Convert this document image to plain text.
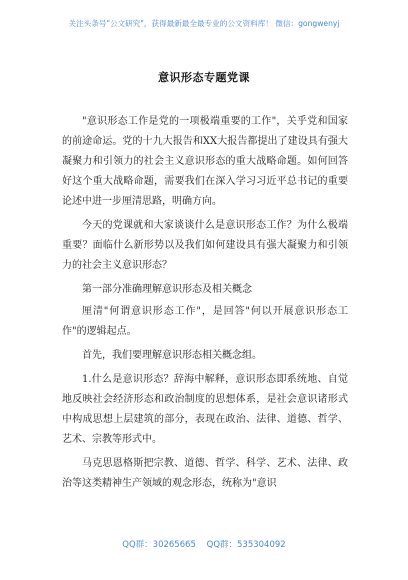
关注头条号"公文研究"，获得最新最全最专业的公文资料库！ 微信：gongwenyj
意识形态专题党课

"意识形态工作是党的一项极端重要的工作"，关乎党和国家的前途命运。党的十九大报告和XX大报告都提出了建设具有强大凝聚力和引领力的社会主义意识形态的重大战略命题。如何回答好这个重大战略命题，需要我们在深入学习习近平总书记的重要论述中进一步厘清思路，明确方向。

今天的党课就和大家谈谈什么是意识形态工作？为什么极端重要？面临什么新形势以及我们如何建设具有强大凝聚力和引领力的社会主义意识形态？

第一部分准确理解意识形态及相关概念

厘清"何谓意识形态工作"，是回答"何以开展意识形态工作"的逻辑起点。

首先，我们要理解意识形态相关概念组。

1.什么是意识形态？辞海中解释，意识形态即系统地、自觉地反映社会经济形态和政治制度的思想体系，是社会意识诸形式中构成思想上层建筑的部分，表现在政治、法律、道德、哲学、艺术、宗教等形式中。

马克思恩格斯把宗教、道德、哲学、科学、艺术、法律、政治等这类精神生产领域的观念形态，统称为"意识

QQ群：30265665 QQ群：535304092
